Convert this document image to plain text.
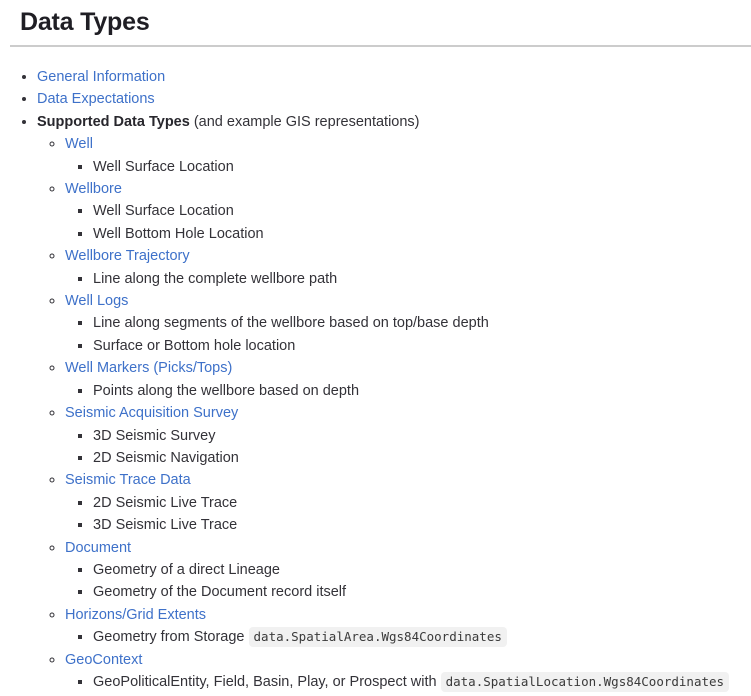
Data Types
• General Information
• Data Expectations
• Supported Data Types (and example GIS representations)
◦ Well
▪ Well Surface Location
◦ Wellbore
▪ Well Surface Location
▪ Well Bottom Hole Location
◦ Wellbore Trajectory
▪ Line along the complete wellbore path
◦ Well Logs
▪ Line along segments of the wellbore based on top/base depth
▪ Surface or Bottom hole location
◦ Well Markers (Picks/Tops)
▪ Points along the wellbore based on depth
◦ Seismic Acquisition Survey
▪ 3D Seismic Survey
▪ 2D Seismic Navigation
◦ Seismic Trace Data
▪ 2D Seismic Live Trace
▪ 3D Seismic Live Trace
◦ Document
▪ Geometry of a direct Lineage
▪ Geometry of the Document record itself
◦ Horizons/Grid Extents
▪ Geometry from Storage data.SpatialArea.Wgs84Coordinates
◦ GeoContext
▪ GeoPoliticalEntity, Field, Basin, Play, or Prospect with data.SpatialLocation.Wgs84Coordinates
